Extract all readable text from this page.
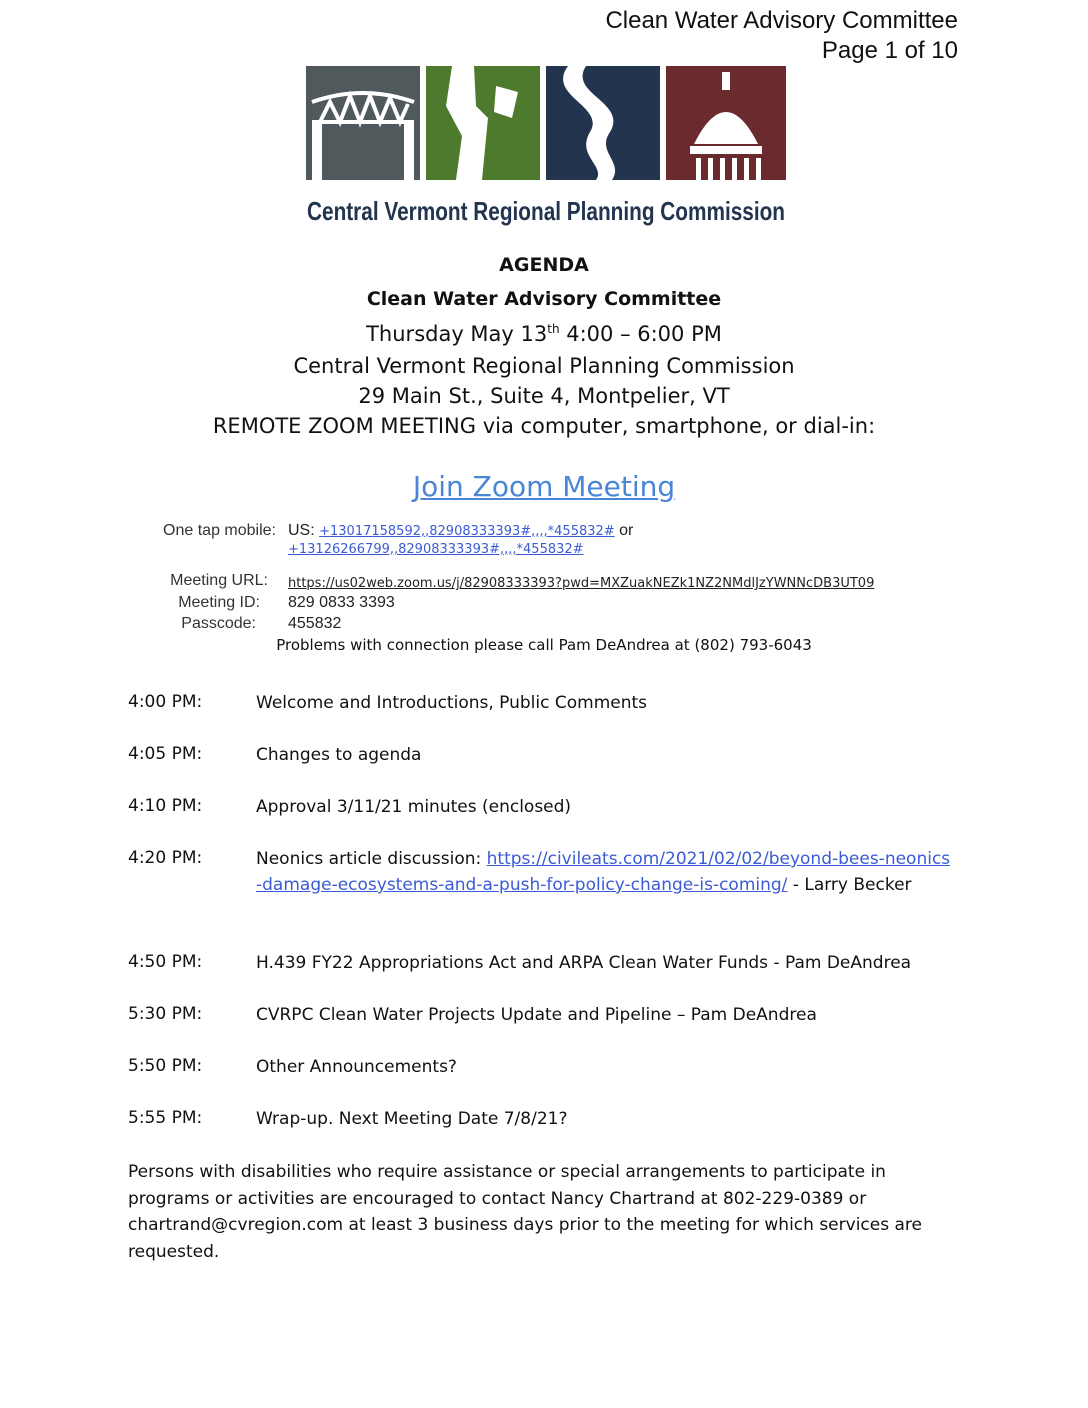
Clean Water Advisory Committee
Page 1 of 10
Central Vermont Regional Planning Commission
AGENDA
Clean Water Advisory Committee
Thursday May 13th 4:00 – 6:00 PM
Central Vermont Regional Planning Commission
29 Main St., Suite 4, Montpelier, VT
REMOTE ZOOM MEETING via computer, smartphone, or dial-in:
Join Zoom Meeting
One tap mobile: US: +13017158592,,82908333393#,,,,*455832# or
+13126266799,,82908333393#,,,,*455832#
Meeting URL: https://us02web.zoom.us/j/82908333393?pwd=MXZuakNEZk1NZ2NMdlJzYWNNcDB3UT09
Meeting ID: 829 0833 3393
Passcode: 455832
Problems with connection please call Pam DeAndrea at (802) 793-6043
4:00 PM:	Welcome and Introductions, Public Comments
4:05 PM:	Changes to agenda
4:10 PM:	Approval 3/11/21 minutes (enclosed)
4:20 PM:	Neonics article discussion: https://civileats.com/2021/02/02/beyond-bees-neonics-damage-ecosystems-and-a-push-for-policy-change-is-coming/ - Larry Becker
4:50 PM:	H.439 FY22 Appropriations Act and ARPA Clean Water Funds - Pam DeAndrea
5:30 PM:	CVRPC Clean Water Projects Update and Pipeline – Pam DeAndrea
5:50 PM:	Other Announcements?
5:55 PM:	Wrap-up. Next Meeting Date 7/8/21?
Persons with disabilities who require assistance or special arrangements to participate in programs or activities are encouraged to contact Nancy Chartrand at 802-229-0389 or chartrand@cvregion.com at least 3 business days prior to the meeting for which services are requested.
